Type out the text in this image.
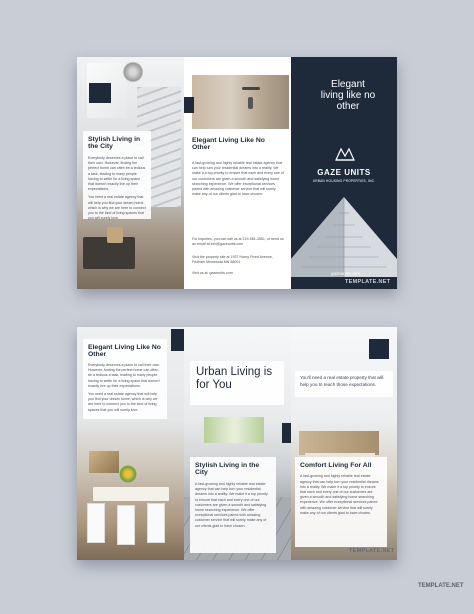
Stylish Living in the City
Everybody deserves a place to call their own. However, finding the perfect home can often be a tedious a task, leading to many people having to settle for a living space that doesn't exactly live up their expectations.
You need a real estate agency that will help you find your dream home, which is why we are here to connect you to the kind of living spaces that you will surely love.
Elegant Living Like No Other
A fast-growing and highly reliable real estate agency that can help turn your residential dreams into a reality. We make it a top priority to ensure that each and every one of our customers are given a smooth and satisfying home searching experience. We offer exceptional services paired with amazing customer service that will surely make any of our clients glad to have chosen.
For inquiries, you can call us at 219-561-3551, or send us an email at info@gazeunits.com
Visit the property site at 1937 Horny Fixed Avenue, Fridham Minnesota MN 56001
Visit us at: gazeunits.com
Elegant living like no other
GAZE UNITS
URBAN HOUSING PROPERTIES, INC.
gazeunits.com
TEMPLATE.NET
Elegant Living Like No Other
Everybody deserves a place to call their own. However, finding the perfect home can often be a tedious a task, leading to many people having to settle for a living space that doesn't exactly live up their expectations.
You need a real estate agency that will help you find your dream home, which is why we are here to connect you to the kind of living spaces that you will surely love.
Urban Living is for You
Stylish Living in the City
A fast-growing and highly reliable real estate agency that can help turn your residential dreams into a reality. We make it a top priority to ensure that each and every one of our customers are given a smooth and satisfying home searching experience. We offer exceptional services paired with amazing customer service that will surely make any of our clients glad to have chosen.
You'll need a real estate property that will help you to reach those expectations.
Comfort Living For All
A fast-growing and highly reliable real estate agency that can help turn your residential dreams into a reality. We make it a top priority to ensure that each and every one of our customers are given a smooth and satisfying home searching experience. We offer exceptional services paired with amazing customer service that will surely make any of our clients glad to have chosen.
TEMPLATE.NET
TEMPLATE.NET
